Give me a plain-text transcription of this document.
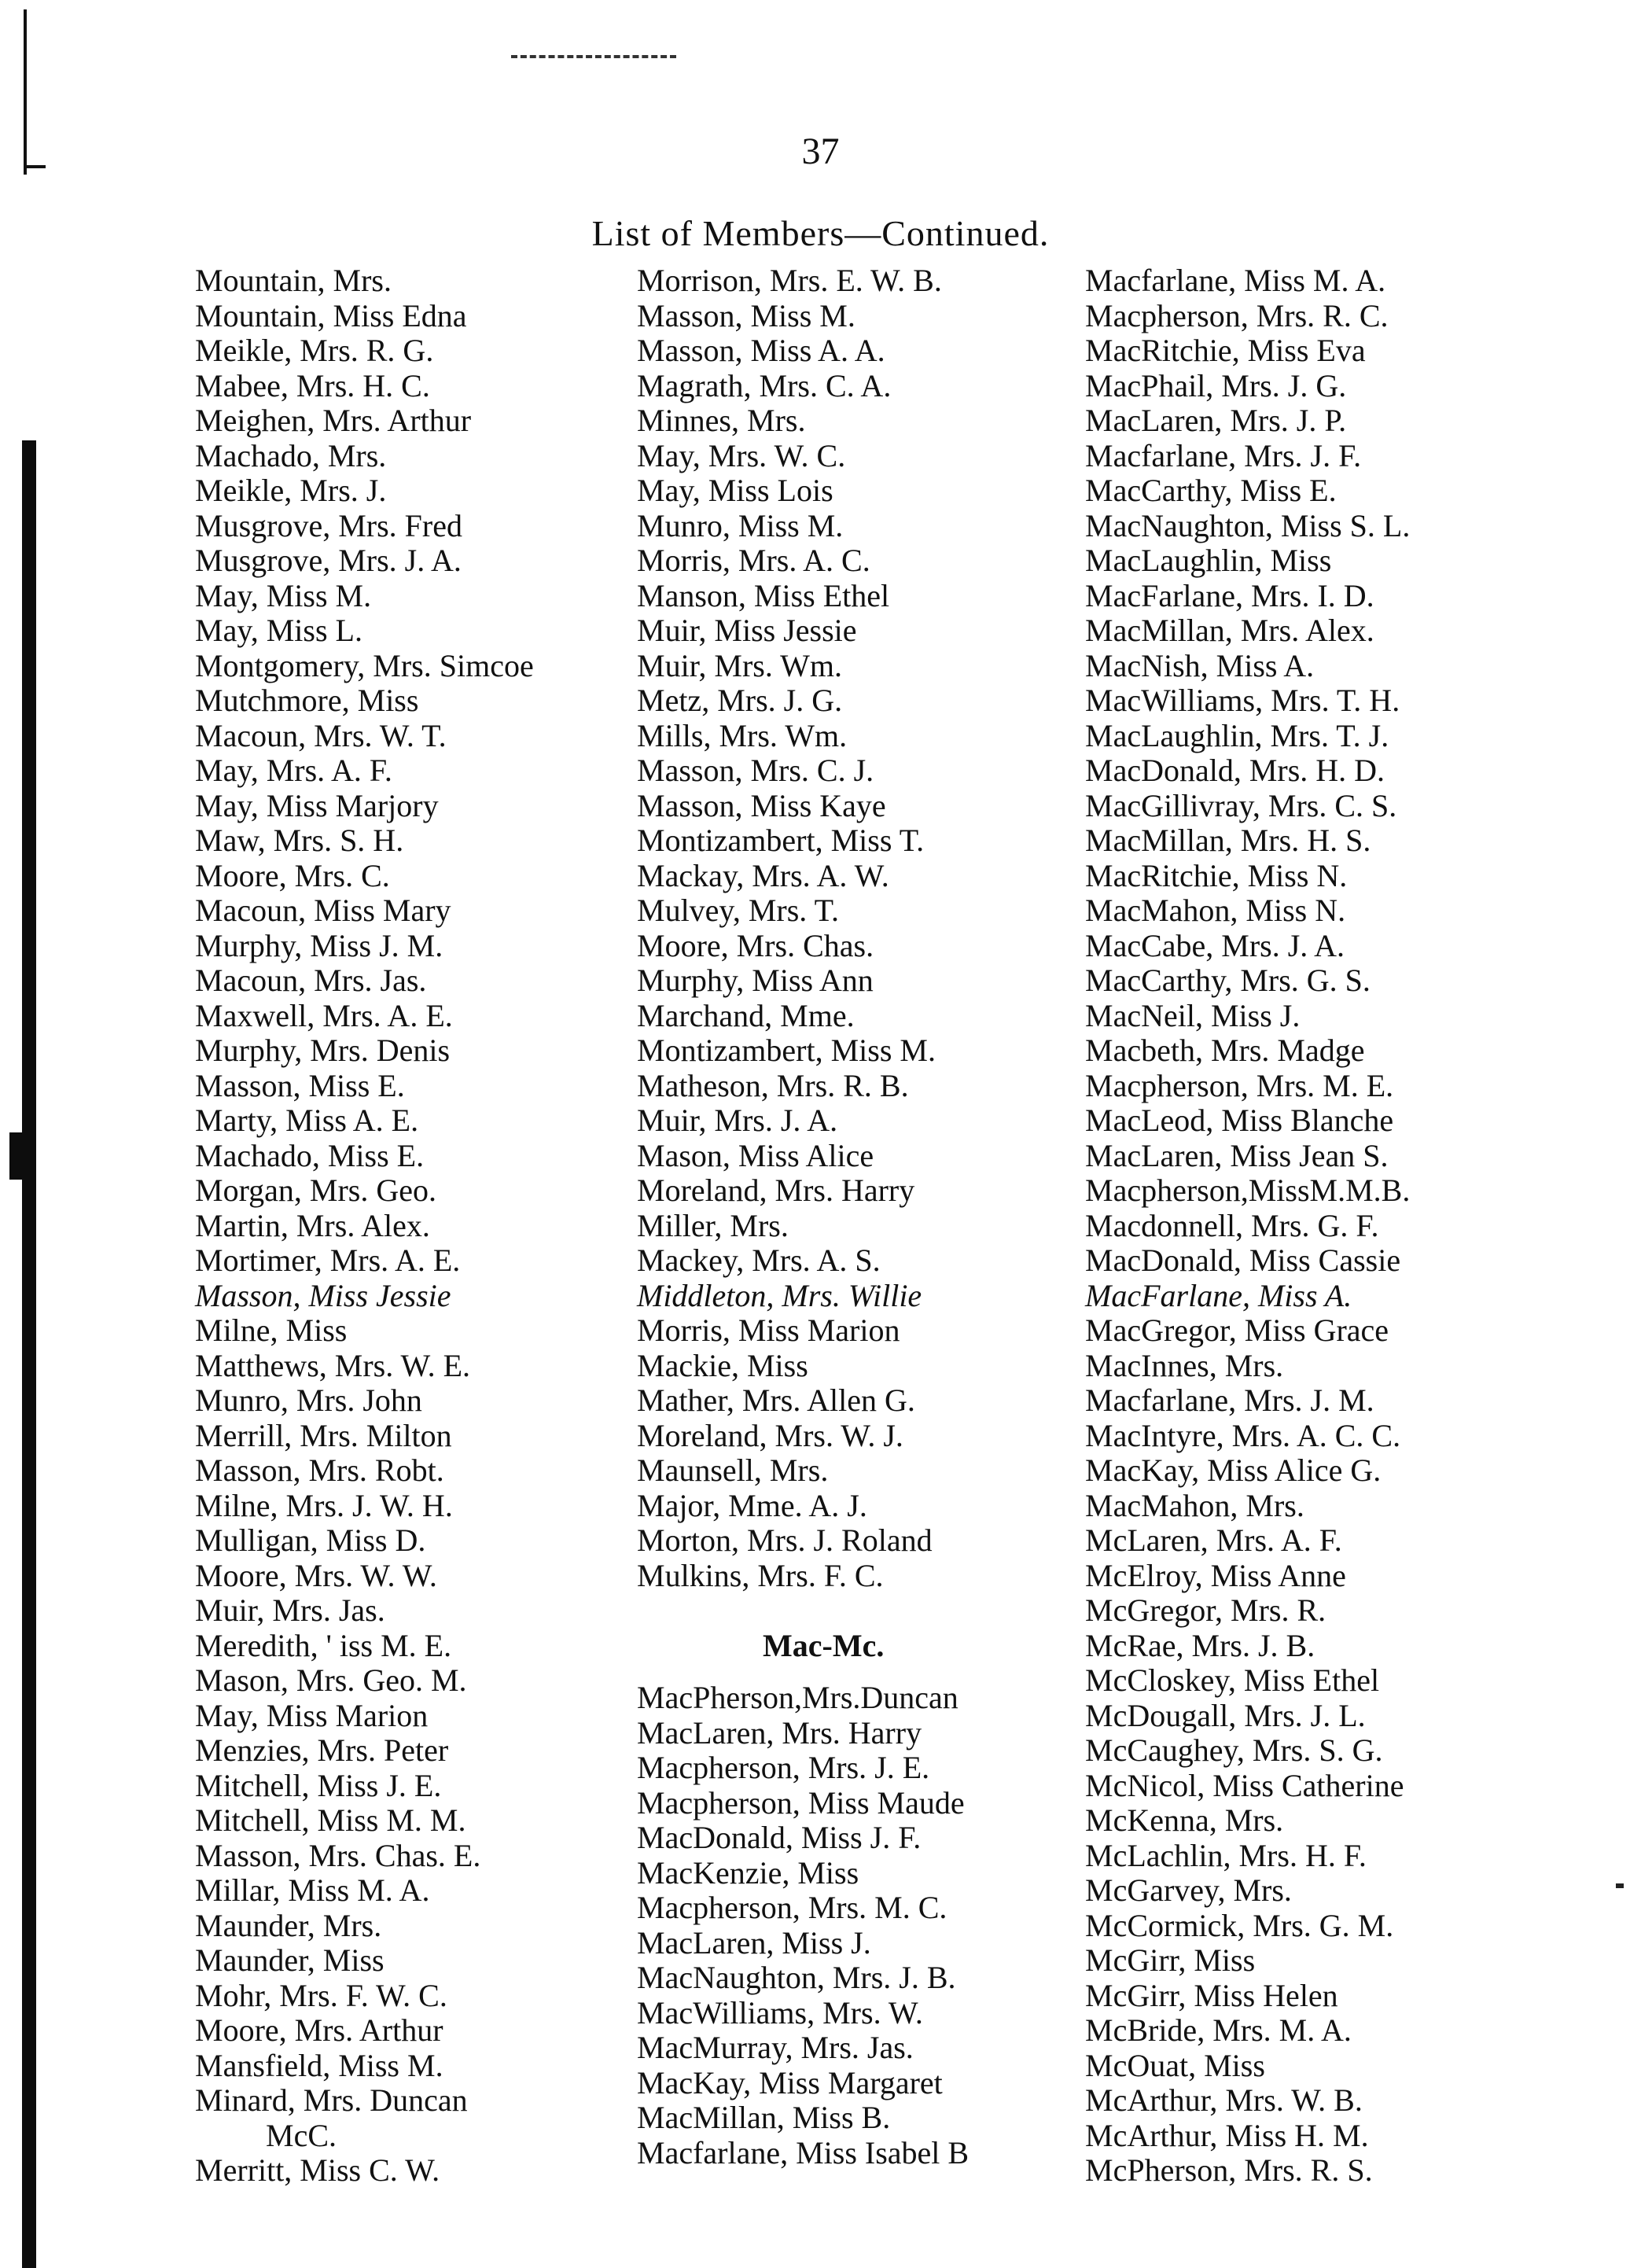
37
List of Members—Continued.
Mountain, Mrs.
Mountain, Miss Edna
Meikle, Mrs. R. G.
Mabee, Mrs. H. C.
Meighen, Mrs. Arthur
Machado, Mrs.
Meikle, Mrs. J.
Musgrove, Mrs. Fred
Musgrove, Mrs. J. A.
May, Miss M.
May, Miss L.
Montgomery, Mrs. Simcoe
Mutchmore, Miss
Macoun, Mrs. W. T.
May, Mrs. A. F.
May, Miss Marjory
Maw, Mrs. S. H.
Moore, Mrs. C.
Macoun, Miss Mary
Murphy, Miss J. M.
Macoun, Mrs. Jas.
Maxwell, Mrs. A. E.
Murphy, Mrs. Denis
Masson, Miss E.
Marty, Miss A. E.
Machado, Miss E.
Morgan, Mrs. Geo.
Martin, Mrs. Alex.
Mortimer, Mrs. A. E.
Masson, Miss Jessie
Milne, Miss
Matthews, Mrs. W. E.
Munro, Mrs. John
Merrill, Mrs. Milton
Masson, Mrs. Robt.
Milne, Mrs. J. W. H.
Mulligan, Miss D.
Moore, Mrs. W. W.
Muir, Mrs. Jas.
Meredith, ' iss M. E.
Mason, Mrs. Geo. M.
May, Miss Marion
Menzies, Mrs. Peter
Mitchell, Miss J. E.
Mitchell, Miss M. M.
Masson, Mrs. Chas. E.
Millar, Miss M. A.
Maunder, Mrs.
Maunder, Miss
Mohr, Mrs. F. W. C.
Moore, Mrs. Arthur
Mansfield, Miss M.
Minard, Mrs. Duncan
McC.
Merritt, Miss C. W.
Morrison, Mrs. E. W. B.
Masson, Miss M.
Masson, Miss A. A.
Magrath, Mrs. C. A.
Minnes, Mrs.
May, Mrs. W. C.
May, Miss Lois
Munro, Miss M.
Morris, Mrs. A. C.
Manson, Miss Ethel
Muir, Miss Jessie
Muir, Mrs. Wm.
Metz, Mrs. J. G.
Mills, Mrs. Wm.
Masson, Mrs. C. J.
Masson, Miss Kaye
Montizambert, Miss T.
Mackay, Mrs. A. W.
Mulvey, Mrs. T.
Moore, Mrs. Chas.
Murphy, Miss Ann
Marchand, Mme.
Montizambert, Miss M.
Matheson, Mrs. R. B.
Muir, Mrs. J. A.
Mason, Miss Alice
Moreland, Mrs. Harry
Miller, Mrs.
Mackey, Mrs. A. S.
Middleton, Mrs. Willie
Morris, Miss Marion
Mackie, Miss
Mather, Mrs. Allen G.
Moreland, Mrs. W. J.
Maunsell, Mrs.
Major, Mme. A. J.
Morton, Mrs. J. Roland
Mulkins, Mrs. F. C.
Mac-Mc.
MacPherson,Mrs.Duncan
MacLaren, Mrs. Harry
Macpherson, Mrs. J. E.
Macpherson, Miss Maude
MacDonald, Miss J. F.
MacKenzie, Miss
Macpherson, Mrs. M. C.
MacLaren, Miss J.
MacNaughton, Mrs. J. B.
MacWilliams, Mrs. W.
MacMurray, Mrs. Jas.
MacKay, Miss Margaret
MacMillan, Miss B.
Macfarlane, Miss Isabel B
Macfarlane, Miss M. A.
Macpherson, Mrs. R. C.
MacRitchie, Miss Eva
MacPhail, Mrs. J. G.
MacLaren, Mrs. J. P.
Macfarlane, Mrs. J. F.
MacCarthy, Miss E.
MacNaughton, Miss S. L.
MacLaughlin, Miss
MacFarlane, Mrs. I. D.
MacMillan, Mrs. Alex.
MacNish, Miss A.
MacWilliams, Mrs. T. H.
MacLaughlin, Mrs. T. J.
MacDonald, Mrs. H. D.
MacGillivray, Mrs. C. S.
MacMillan, Mrs. H. S.
MacRitchie, Miss N.
MacMahon, Miss N.
MacCabe, Mrs. J. A.
MacCarthy, Mrs. G. S.
MacNeil, Miss J.
Macbeth, Mrs. Madge
Macpherson, Mrs. M. E.
MacLeod, Miss Blanche
MacLaren, Miss Jean S.
Macpherson,MissM.M.B.
Macdonnell, Mrs. G. F.
MacDonald, Miss Cassie
MacFarlane, Miss A.
MacGregor, Miss Grace
MacInnes, Mrs.
Macfarlane, Mrs. J. M.
MacIntyre, Mrs. A. C. C.
MacKay, Miss Alice G.
MacMahon, Mrs.
McLaren, Mrs. A. F.
McElroy, Miss Anne
McGregor, Mrs. R.
McRae, Mrs. J. B.
McCloskey, Miss Ethel
McDougall, Mrs. J. L.
McCaughey, Mrs. S. G.
McNicol, Miss Catherine
McKenna, Mrs.
McLachlin, Mrs. H. F.
McGarvey, Mrs.
McCormick, Mrs. G. M.
McGirr, Miss
McGirr, Miss Helen
McBride, Mrs. M. A.
McOuat, Miss
McArthur, Mrs. W. B.
McArthur, Miss H. M.
McPherson, Mrs. R. S.
